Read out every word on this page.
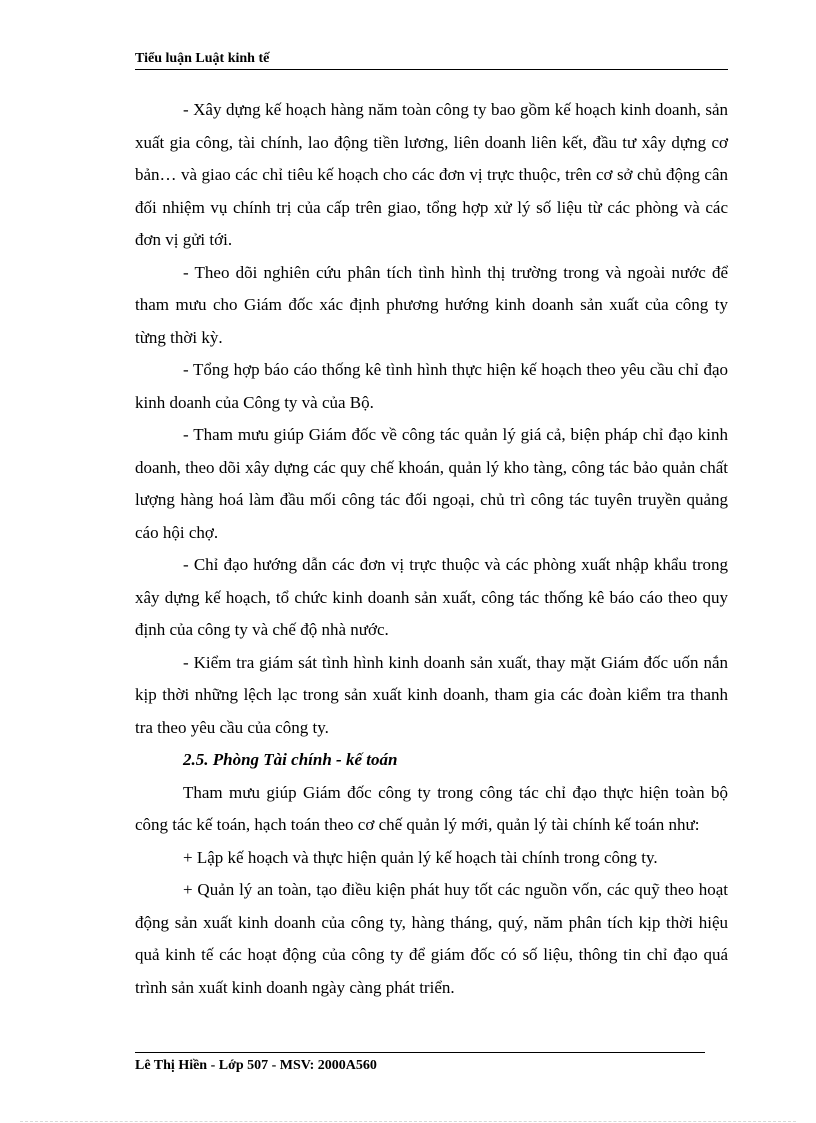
Tiểu luận Luật kinh tế

- Xây dựng kế hoạch hàng năm toàn công ty bao gồm kế hoạch kinh doanh, sản xuất gia công, tài chính, lao động tiền lương, liên doanh liên kết, đầu tư xây dựng cơ bản… và giao các chỉ tiêu kế hoạch cho các đơn vị trực thuộc, trên cơ sở chủ động cân đối nhiệm vụ chính trị của cấp trên giao, tổng hợp xử lý số liệu từ các phòng và các đơn vị gửi tới.

- Theo dõi nghiên cứu phân tích tình hình thị trường trong và ngoài nước để tham mưu cho Giám đốc xác định phương hướng kinh doanh sản xuất của công ty từng thời kỳ.

- Tổng hợp báo cáo thống kê tình hình thực hiện kế hoạch theo yêu cầu chỉ đạo kinh doanh của Công ty và của Bộ.

- Tham mưu giúp Giám đốc về công tác quản lý giá cả, biện pháp chỉ đạo kinh doanh, theo dõi xây dựng các quy chế khoán, quản lý kho tàng, công tác bảo quản chất lượng hàng hoá làm đầu mối công tác đối ngoại, chủ trì công tác tuyên truyền quảng cáo hội chợ.

- Chỉ đạo hướng dẫn các đơn vị trực thuộc và các phòng xuất nhập khẩu trong xây dựng kế hoạch, tổ chức kinh doanh sản xuất, công tác thống kê báo cáo theo quy định của công ty và chế độ nhà nước.

- Kiểm tra giám sát tình hình kinh doanh sản xuất, thay mặt Giám đốc uốn nắn kịp thời những lệch lạc trong sản xuất kinh doanh, tham gia các đoàn kiểm tra thanh tra theo yêu cầu của công ty.

2.5. Phòng Tài chính - kế toán

Tham mưu giúp Giám đốc công ty trong công tác chỉ đạo thực hiện toàn bộ công tác kế toán, hạch toán theo cơ chế quản lý mới, quản lý tài chính kế toán như:

+ Lập kế hoạch và thực hiện quản lý kế hoạch tài chính trong công ty.

+ Quản lý an toàn, tạo điều kiện phát huy tốt các nguồn vốn, các quỹ theo hoạt động sản xuất kinh doanh của công ty, hàng tháng, quý, năm phân tích kịp thời hiệu quả kinh tế các hoạt động của công ty để giám đốc có số liệu, thông tin chỉ đạo quá trình sản xuất kinh doanh ngày càng phát triển.

Lê Thị Hiền - Lớp 507 - MSV: 2000A560
